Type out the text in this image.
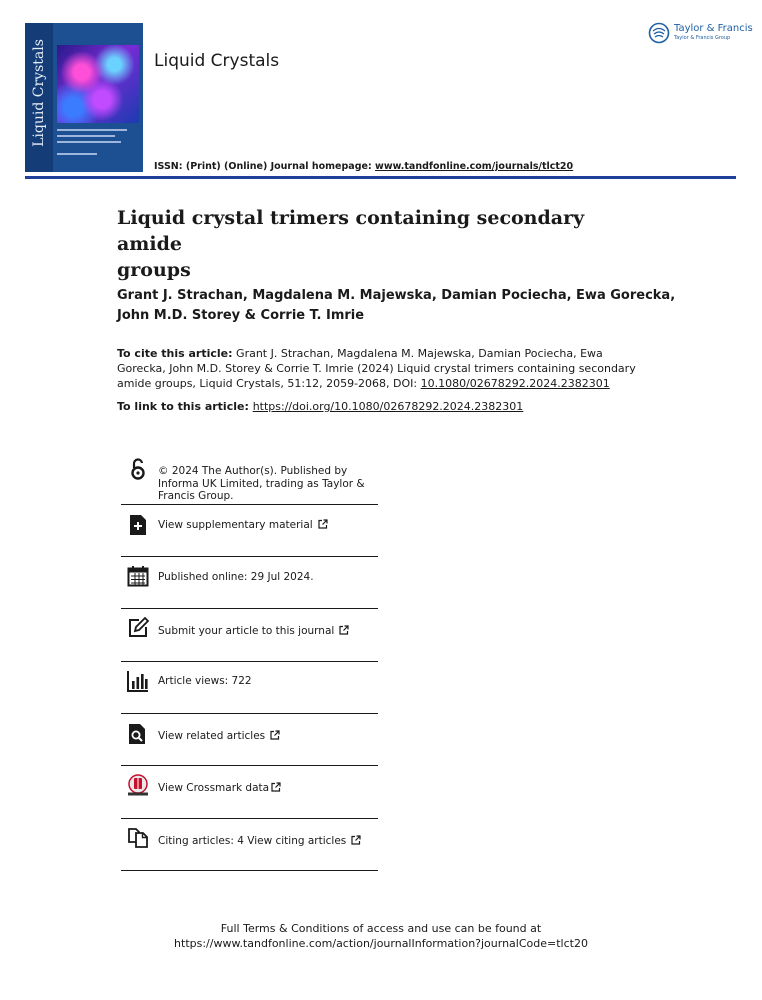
Liquid Crystals	Liquid Crystals
ISSN: (Print) (Online) Journal homepage: www.tandfonline.com/journals/tlct20
Taylor & Francis
Taylor & Francis Group
Liquid crystal trimers containing secondary amide
groups
Grant J. Strachan, Magdalena M. Majewska, Damian Pociecha, Ewa Gorecka,
John M.D. Storey & Corrie T. Imrie
To cite this article: Grant J. Strachan, Magdalena M. Majewska, Damian Pociecha, Ewa Gorecka, John M.D. Storey & Corrie T. Imrie (2024) Liquid crystal trimers containing secondary amide groups, Liquid Crystals, 51:12, 2059-2068, DOI: 10.1080/02678292.2024.2382301
To link to this article: https://doi.org/10.1080/02678292.2024.2382301
© 2024 The Author(s). Published by Informa UK Limited, trading as Taylor & Francis Group.
View supplementary material
Published online: 29 Jul 2024.
Submit your article to this journal
Article views: 722
View related articles
View Crossmark data
Citing articles: 4 View citing articles
Full Terms & Conditions of access and use can be found at
https://www.tandfonline.com/action/journalInformation?journalCode=tlct20
